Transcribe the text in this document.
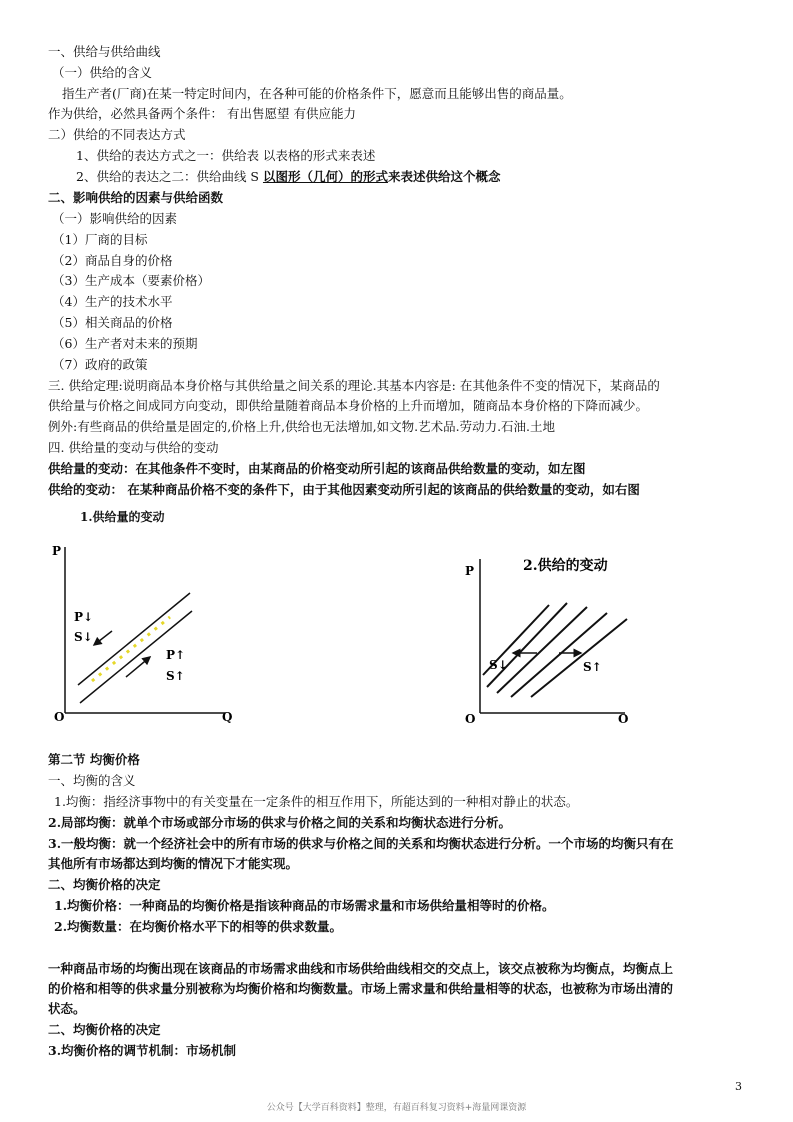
一、供给与供给曲线
（一）供给的含义
指生产者(厂商)在某一特定时间内，在各种可能的价格条件下，愿意而且能够出售的商品量。
作为供给，必然具备两个条件： 有出售愿望 有供应能力
二）供给的不同表达方式
1、供给的表达方式之一：供给表 以表格的形式来表述
2、供给的表达之二：供给曲线 S 以图形（几何）的形式来表述供给这个概念
二、影响供给的因素与供给函数
（一）影响供给的因素
（1）厂商的目标
（2）商品自身的价格
（3）生产成本（要素价格）
（4）生产的技术水平
（5）相关商品的价格
（6）生产者对未来的预期
（7）政府的政策
三. 供给定理:说明商品本身价格与其供给量之间关系的理论.其基本内容是: 在其他条件不变的情况下，某商品的
供给量与价格之间成同方向变动，即供给量随着商品本身价格的上升而增加，随商品本身价格的下降而减少。
例外:有些商品的供给量是固定的,价格上升,供给也无法增加,如文物.艺术品.劳动力.石油.土地
四. 供给量的变动与供给的变动
供给量的变动：在其他条件不变时，由某商品的价格变动所引起的该商品供给数量的变动，如左图
供给的变动： 在某种商品价格不变的条件下，由于其他因素变动所引起的该商品的供给数量的变动，如右图
1.供给量的变动
P
O	Q
P↓
S↓
P↑
S↑
P
O	O
2.供给的变动
S↓	S↑
第二节 均衡价格
一、均衡的含义
1.均衡：指经济事物中的有关变量在一定条件的相互作用下，所能达到的一种相对静止的状态。
2.局部均衡：就单个市场或部分市场的供求与价格之间的关系和均衡状态进行分析。
3.一般均衡：就一个经济社会中的所有市场的供求与价格之间的关系和均衡状态进行分析。一个市场的均衡只有在
其他所有市场都达到均衡的情况下才能实现。
二、均衡价格的决定
1.均衡价格：一种商品的均衡价格是指该种商品的市场需求量和市场供给量相等时的价格。
2.均衡数量：在均衡价格水平下的相等的供求数量。
一种商品市场的均衡出现在该商品的市场需求曲线和市场供给曲线相交的交点上，该交点被称为均衡点，均衡点上
的价格和相等的供求量分别被称为均衡价格和均衡数量。市场上需求量和供给量相等的状态，也被称为市场出清的
状态。
二、均衡价格的决定
3.均衡价格的调节机制：市场机制
3
公众号【大学百科资料】整理，有超百科复习资料+海量网课资源
